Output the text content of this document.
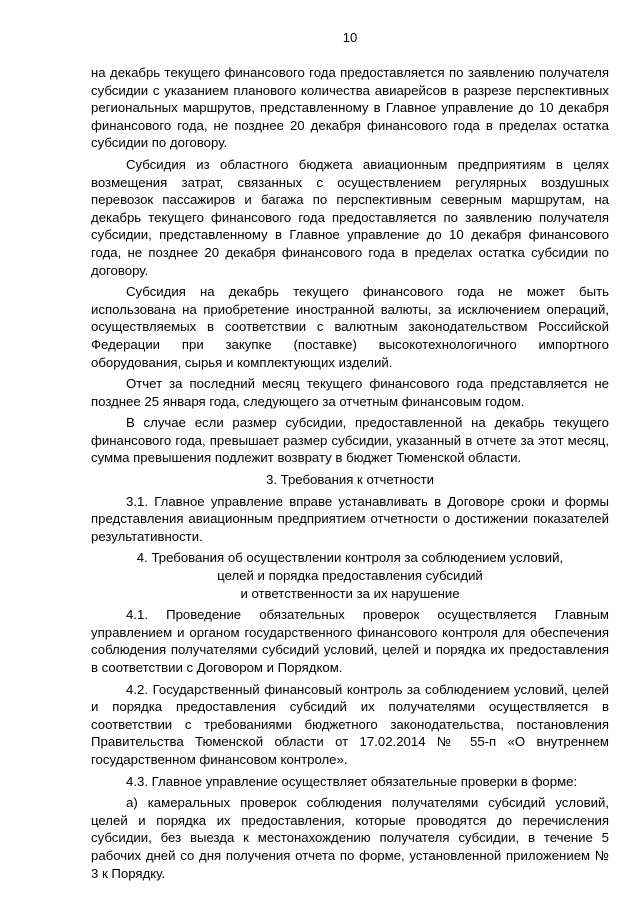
10

на декабрь текущего финансового года предоставляется по заявлению получателя субсидии с указанием планового количества авиарейсов в разрезе перспективных региональных маршрутов, представленному в Главное управление до 10 декабря финансового года, не позднее 20 декабря финансового года в пределах остатка субсидии по договору.

Субсидия из областного бюджета авиационным предприятиям в целях возмещения затрат, связанных с осуществлением регулярных воздушных перевозок пассажиров и багажа по перспективным северным маршрутам, на декабрь текущего финансового года предоставляется по заявлению получателя субсидии, представленному в Главное управление до 10 декабря финансового года, не позднее 20 декабря финансового года в пределах остатка субсидии по договору.

Субсидия на декабрь текущего финансового года не может быть использована на приобретение иностранной валюты, за исключением операций, осуществляемых в соответствии с валютным законодательством Российской Федерации при закупке (поставке) высокотехнологичного импортного оборудования, сырья и комплектующих изделий.

Отчет за последний месяц текущего финансового года представляется не позднее 25 января года, следующего за отчетным финансовым годом.

В случае если размер субсидии, предоставленной на декабрь текущего финансового года, превышает размер субсидии, указанный в отчете за этот месяц, сумма превышения подлежит возврату в бюджет Тюменской области.

3. Требования к отчетности

3.1. Главное управление вправе устанавливать в Договоре сроки и формы представления авиационным предприятием отчетности о достижении показателей результативности.

4. Требования об осуществлении контроля за соблюдением условий,
целей и порядка предоставления субсидий
и ответственности за их нарушение

4.1. Проведение обязательных проверок осуществляется Главным управлением и органом государственного финансового контроля для обеспечения соблюдения получателями субсидий условий, целей и порядка их предоставления в соответствии с Договором и Порядком.

4.2. Государственный финансовый контроль за соблюдением условий, целей и порядка предоставления субсидий их получателями осуществляется в соответствии с требованиями бюджетного законодательства, постановления Правительства Тюменской области от 17.02.2014 № 55-п «О внутреннем государственном финансовом контроле».

4.3. Главное управление осуществляет обязательные проверки в форме:

а) камеральных проверок соблюдения получателями субсидий условий, целей и порядка их предоставления, которые проводятся до перечисления субсидии, без выезда к местонахождению получателя субсидии, в течение 5 рабочих дней со дня получения отчета по форме, установленной приложением № 3 к Порядку.
